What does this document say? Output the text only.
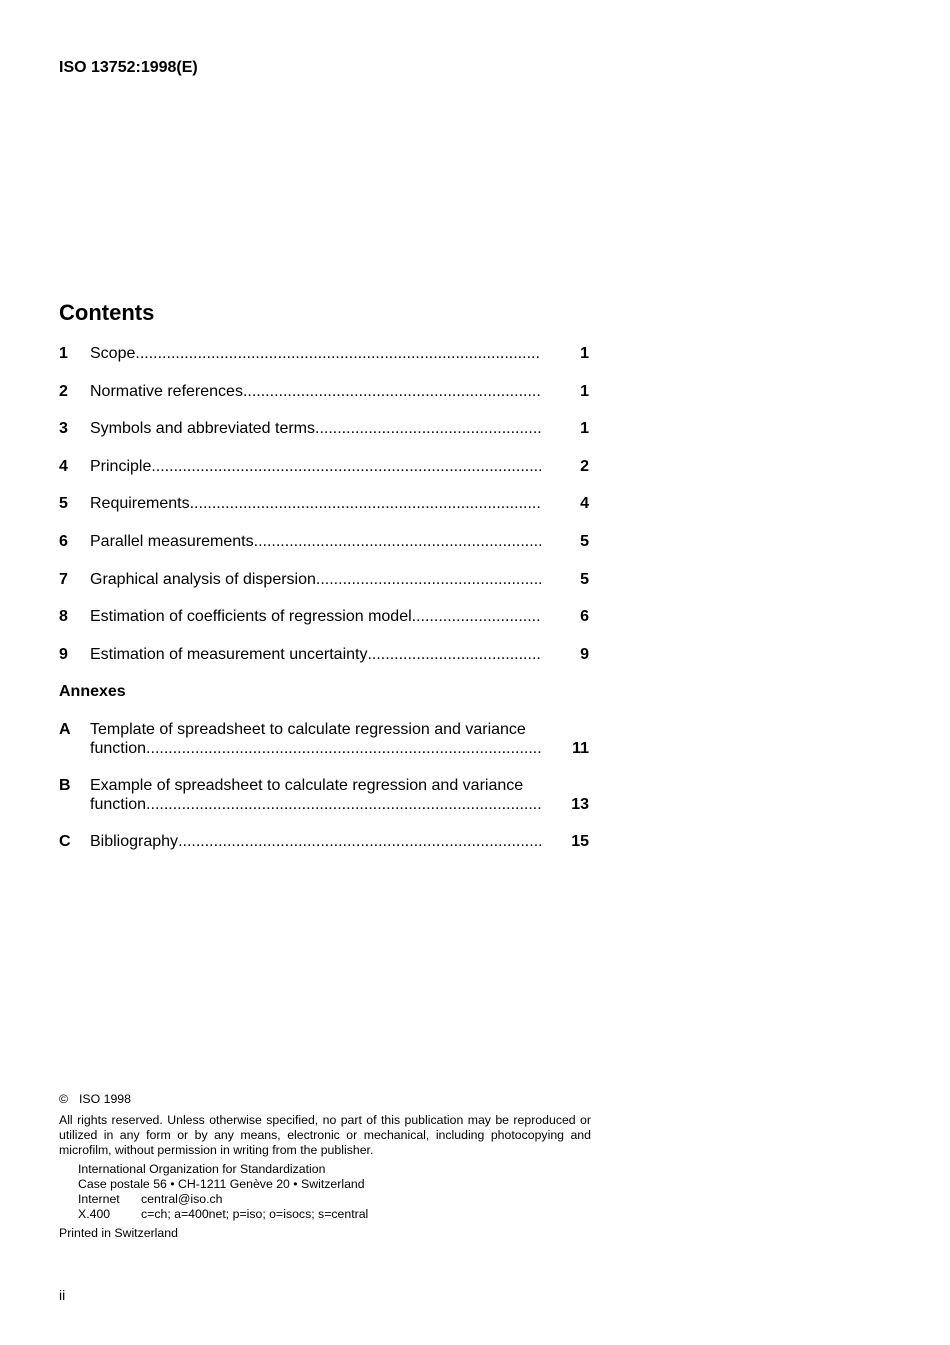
ISO 13752:1998(E)
Contents
1 Scope .....	1
2 Normative references .....	1
3 Symbols and abbreviated terms .....	1
4 Principle .....	2
5 Requirements .....	4
6 Parallel measurements .....	5
7 Graphical analysis of dispersion .....	5
8 Estimation of coefficients of regression model .....	6
9 Estimation of measurement uncertainty .....	9
Annexes
A Template of spreadsheet to calculate regression and variance
function .....	11
B Example of spreadsheet to calculate regression and variance
function .....	13
C Bibliography .....	15
© ISO 1998
All rights reserved. Unless otherwise specified, no part of this publication may be reproduced or utilized in any form or by any means, electronic or mechanical, including photocopying and microfilm, without permission in writing from the publisher.
International Organization for Standardization
Case postale 56 • CH-1211 Genève 20 • Switzerland
Internet	central@iso.ch
X.400	c=ch; a=400net; p=iso; o=isocs; s=central
Printed in Switzerland
ii
